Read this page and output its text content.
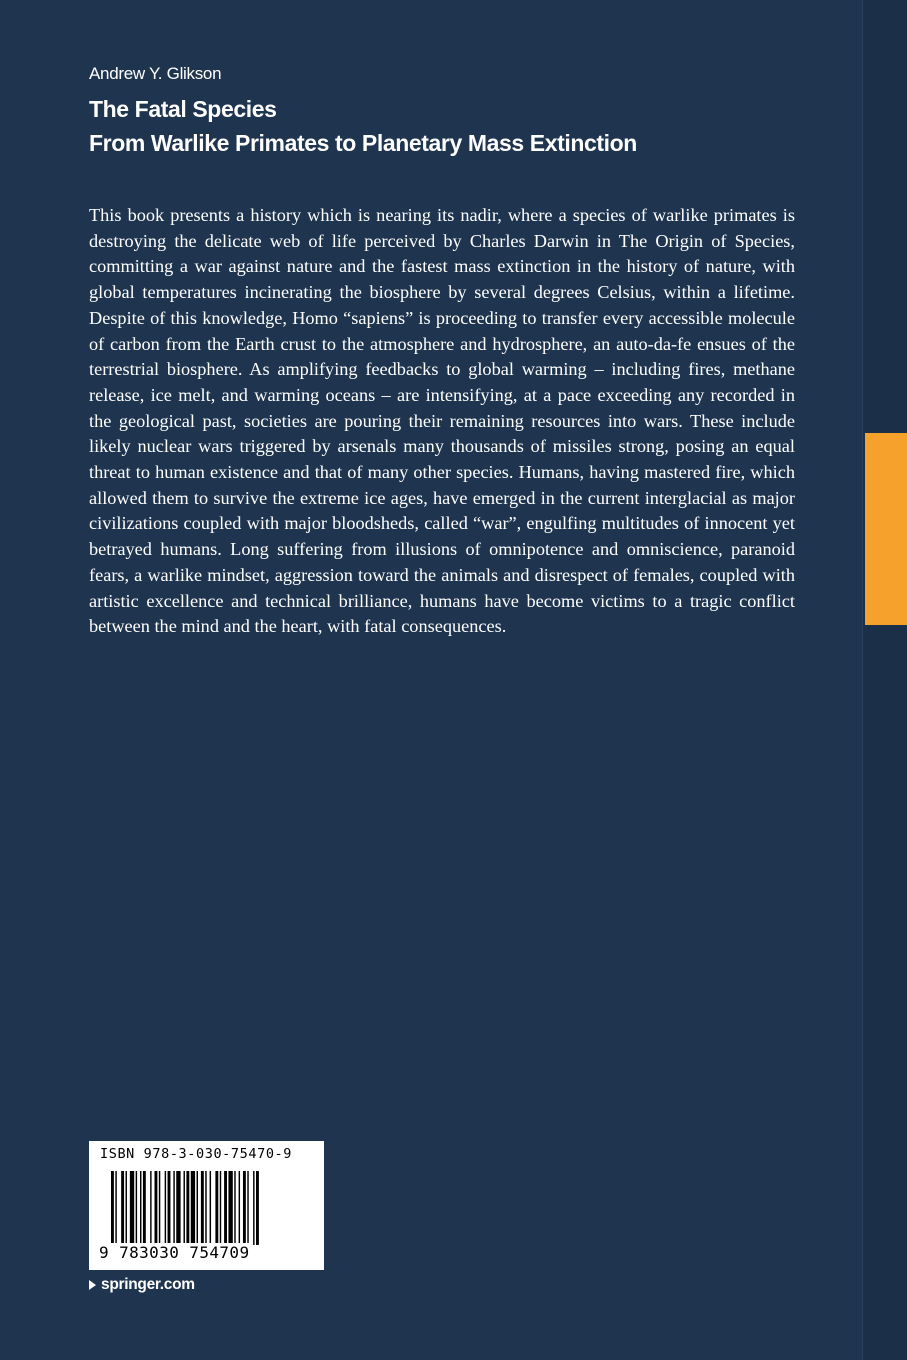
Andrew Y. Glikson
The Fatal Species
From Warlike Primates to Planetary Mass Extinction

This book presents a history which is nearing its nadir, where a species of warlike primates is destroying the delicate web of life perceived by Charles Darwin in The Origin of Species, committing a war against nature and the fastest mass extinction in the history of nature, with global temperatures incinerating the biosphere by several degrees Celsius, within a lifetime. Despite of this knowledge, Homo “sapiens” is proceeding to transfer every accessible molecule of carbon from the Earth crust to the atmosphere and hydrosphere, an auto-da-fe ensues of the terrestrial biosphere. As amplifying feedbacks to global warming – including fires, methane release, ice melt, and warming oceans – are intensifying, at a pace exceeding any recorded in the geological past, societies are pouring their remaining resources into wars. These include likely nuclear wars triggered by arsenals many thousands of missiles strong, posing an equal threat to human existence and that of many other species. Humans, having mastered fire, which allowed them to survive the extreme ice ages, have emerged in the current interglacial as major civilizations coupled with major bloodsheds, called “war”, engulfing multitudes of innocent yet betrayed humans. Long suffering from illusions of omnipotence and omniscience, paranoid fears, a warlike mindset, aggression toward the animals and disrespect of females, coupled with artistic excellence and technical brilliance, humans have become victims to a tragic conflict between the mind and the heart, with fatal consequences.

ISBN 978-3-030-75470-9
9 783030 754709
springer.com
